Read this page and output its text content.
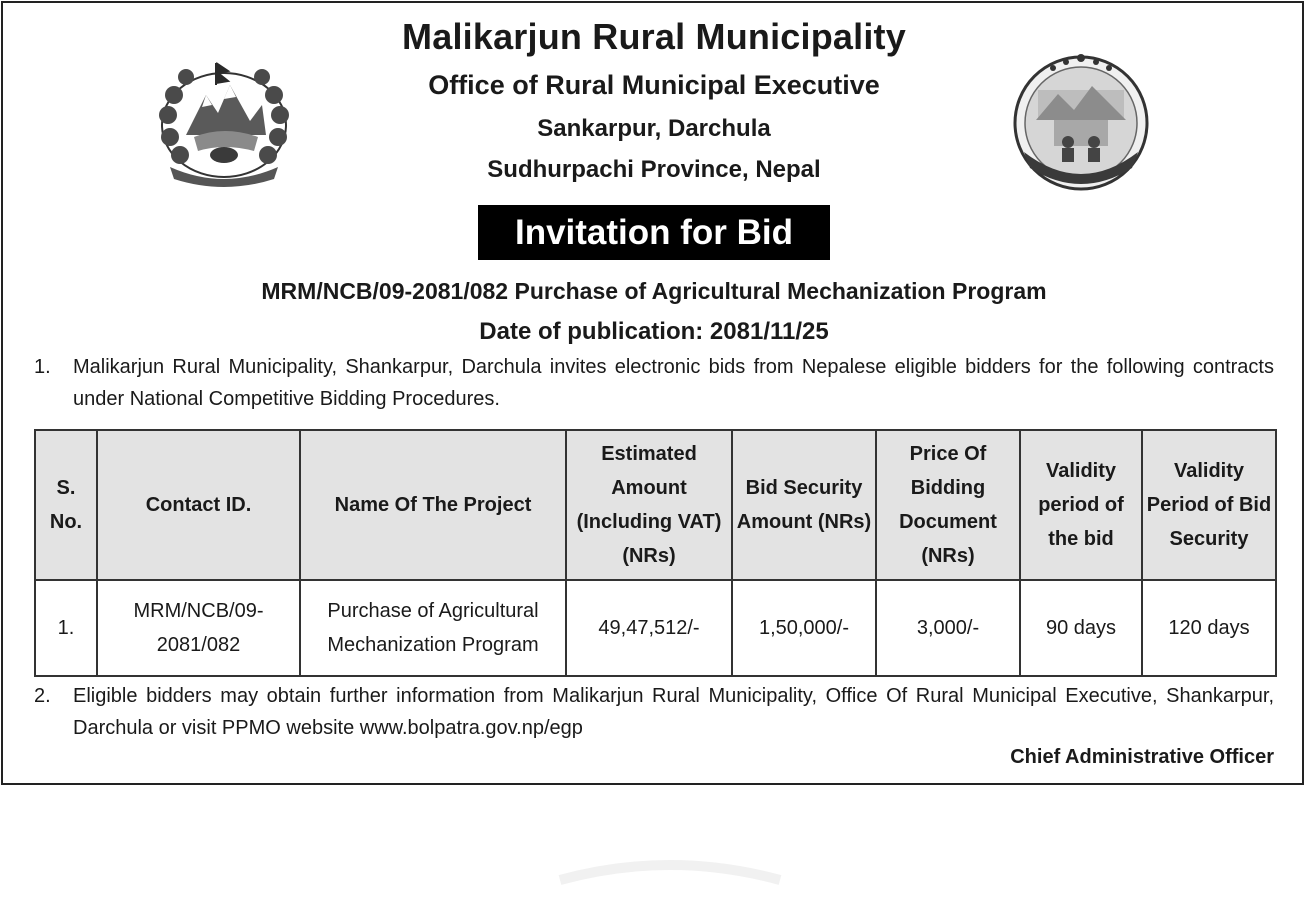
Malikarjun Rural Municipality
Office of Rural Municipal Executive
Sankarpur, Darchula
Sudhurpachi Province, Nepal
Invitation for Bid
MRM/NCB/09-2081/082 Purchase of Agricultural Mechanization Program
Date of publication: 2081/11/25
1. Malikarjun Rural Municipality, Shankarpur, Darchula invites electronic bids from Nepalese eligible bidders for the following contracts under National Competitive Bidding Procedures.
S. No.	Contact ID.	Name Of The Project	Estimated Amount (Including VAT) (NRs)	Bid Security Amount (NRs)	Price Of Bidding Document (NRs)	Validity period of the bid	Validity Period of Bid Security
1.	MRM/NCB/09-2081/082	Purchase of Agricultural Mechanization Program	49,47,512/-	1,50,000/-	3,000/-	90 days	120 days
2. Eligible bidders may obtain further information from Malikarjun Rural Municipality, Office Of Rural Municipal Executive, Shankarpur, Darchula or visit PPMO website www.bolpatra.gov.np/egp
Chief Administrative Officer
